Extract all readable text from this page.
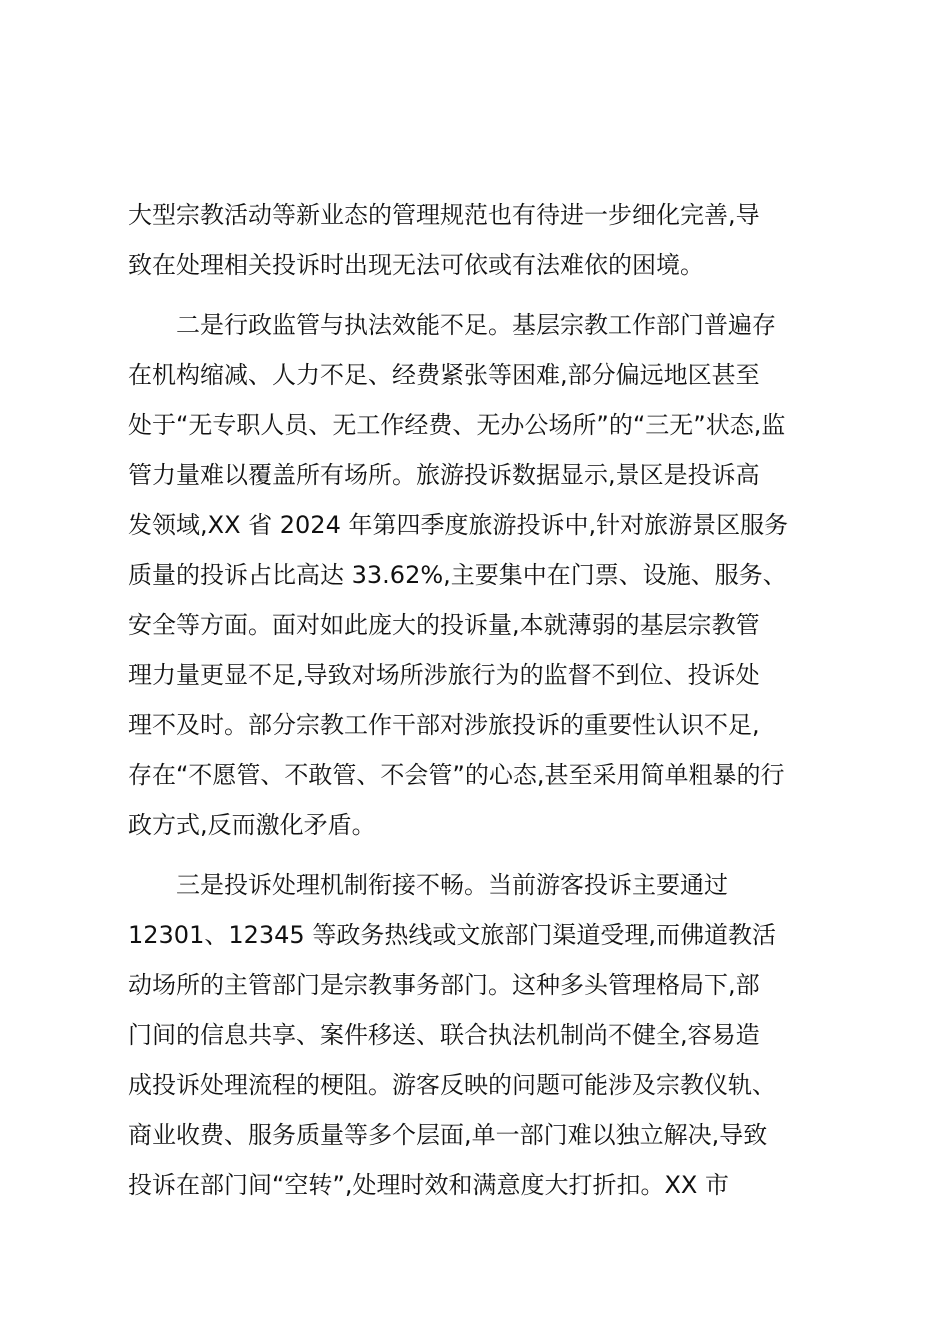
大型宗教活动等新业态的管理规范也有待进一步细化完善,导
致在处理相关投诉时出现无法可依或有法难依的困境。
二是行政监管与执法效能不足。基层宗教工作部门普遍存
在机构缩减、人力不足、经费紧张等困难,部分偏远地区甚至
处于“无专职人员、无工作经费、无办公场所”的“三无”状态,监
管力量难以覆盖所有场所。旅游投诉数据显示,景区是投诉高
发领域,XX 省 2024 年第四季度旅游投诉中,针对旅游景区服务
质量的投诉占比高达 33.62%,主要集中在门票、设施、服务、
安全等方面。面对如此庞大的投诉量,本就薄弱的基层宗教管
理力量更显不足,导致对场所涉旅行为的监督不到位、投诉处
理不及时。部分宗教工作干部对涉旅投诉的重要性认识不足,
存在“不愿管、不敢管、不会管”的心态,甚至采用简单粗暴的行
政方式,反而激化矛盾。
三是投诉处理机制衔接不畅。当前游客投诉主要通过
12301、12345 等政务热线或文旅部门渠道受理,而佛道教活
动场所的主管部门是宗教事务部门。这种多头管理格局下,部
门间的信息共享、案件移送、联合执法机制尚不健全,容易造
成投诉处理流程的梗阻。游客反映的问题可能涉及宗教仪轨、
商业收费、服务质量等多个层面,单一部门难以独立解决,导致
投诉在部门间“空转”,处理时效和满意度大打折扣。XX 市
